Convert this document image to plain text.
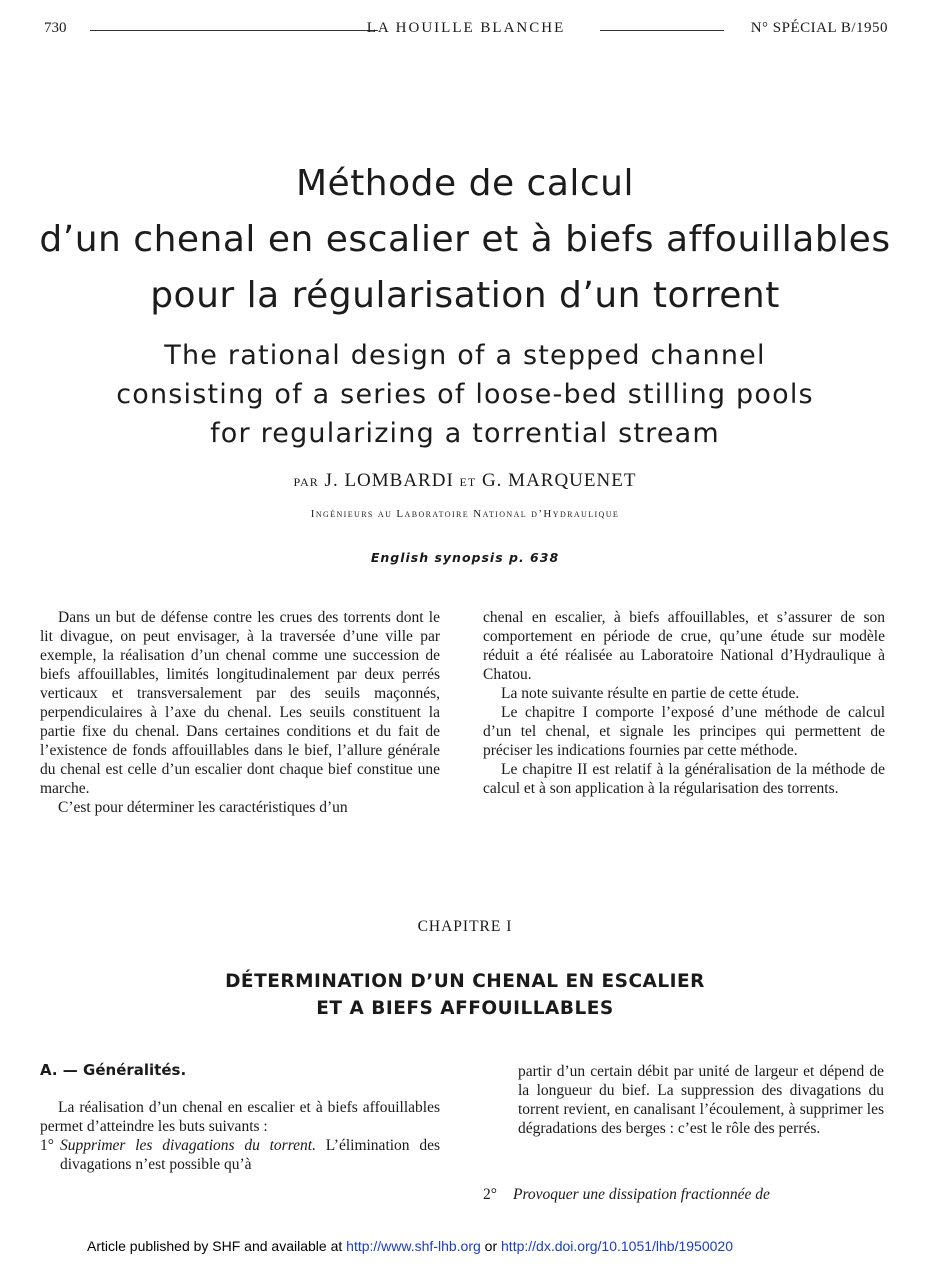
730	LA HOUILLE BLANCHE	N° SPÉCIAL B/1950
Méthode de calcul
d’un chenal en escalier et à biefs affouillables
pour la régularisation d’un torrent
The rational design of a stepped channel
consisting of a series of loose-bed stilling pools
for regularizing a torrential stream
PAR J. LOMBARDI ET G. MARQUENET
Ingénieurs au Laboratoire National d’Hydraulique
English synopsis p. 638

Dans un but de défense contre les crues des torrents dont le lit divague, on peut envisager, à la traversée d’une ville par exemple, la réalisation d’un chenal comme une succession de biefs affouillables, limités longitudinalement par deux perrés verticaux et transversalement par des seuils maçonnés, perpendiculaires à l’axe du chenal. Les seuils constituent la partie fixe du chenal. Dans certaines conditions et du fait de l’existence de fonds affouillables dans le bief, l’allure générale du chenal est celle d’un escalier dont chaque bief constitue une marche.

C’est pour déterminer les caractéristiques d’un

chenal en escalier, à biefs affouillables, et s’assurer de son comportement en période de crue, qu’une étude sur modèle réduit a été réalisée au Laboratoire National d’Hydraulique à Chatou.

La note suivante résulte en partie de cette étude.

Le chapitre I comporte l’exposé d’une méthode de calcul d’un tel chenal, et signale les principes qui permettent de préciser les indications fournies par cette méthode.

Le chapitre II est relatif à la généralisation de la méthode de calcul et à son application à la régularisation des torrents.

CHAPITRE I
DÉTERMINATION D’UN CHENAL EN ESCALIER
ET A BIEFS AFFOUILLABLES
A. — Généralités.

La réalisation d’un chenal en escalier et à biefs affouillables permet d’atteindre les buts suivants :

1° Supprimer les divagations du torrent. L’élimination des divagations n’est possible qu’à

partir d’un certain débit par unité de largeur et dépend de la longueur du bief. La suppression des divagations du torrent revient, en canalisant l’écoulement, à supprimer les dégradations des berges : c’est le rôle des perrés.

2° Provoquer une dissipation fractionnée de
Article published by SHF and available at http://www.shf-lhb.org or http://dx.doi.org/10.1051/lhb/1950020
